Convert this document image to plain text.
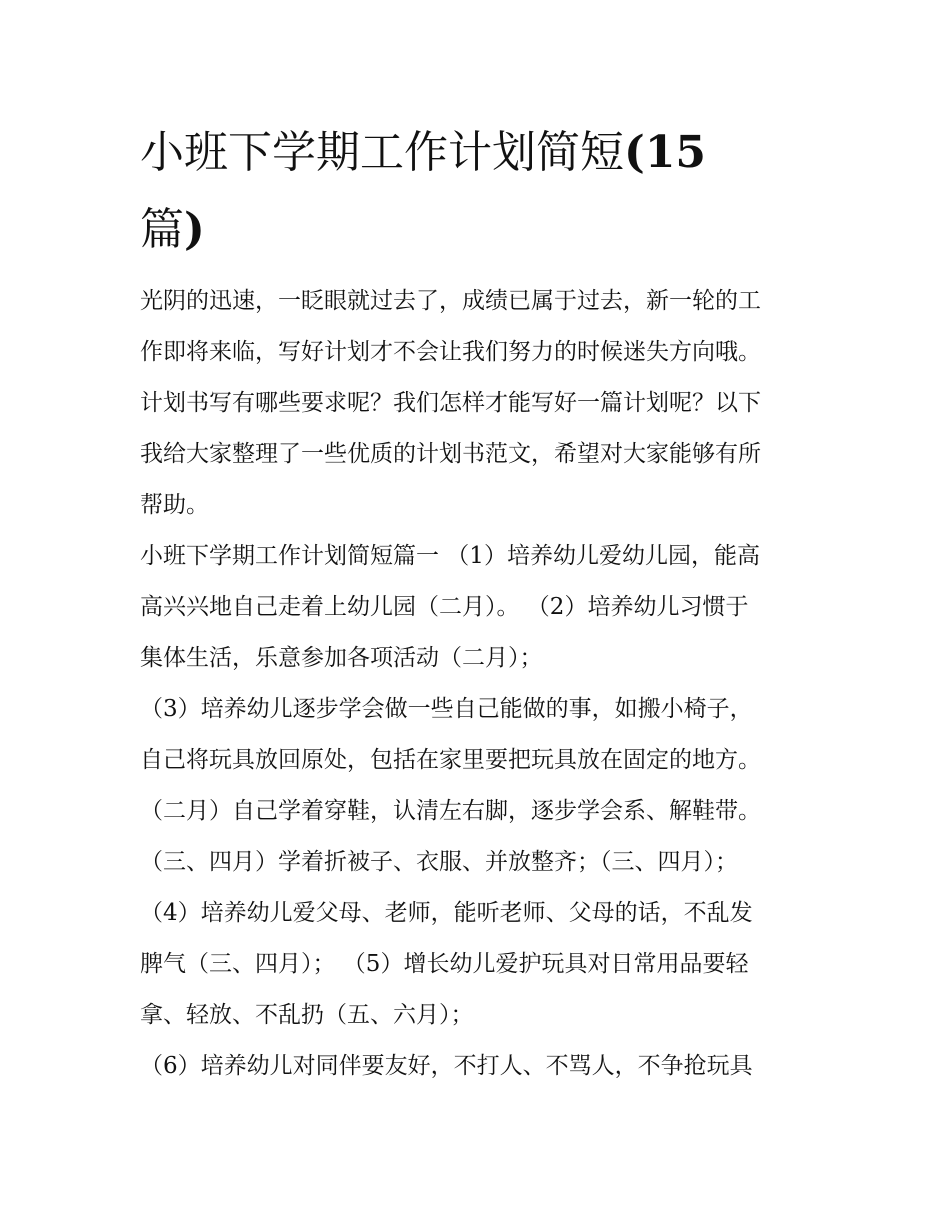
小班下学期工作计划简短(15
篇)
光阴的迅速，一眨眼就过去了，成绩已属于过去，新一轮的工
作即将来临，写好计划才不会让我们努力的时候迷失方向哦。
计划书写有哪些要求呢？我们怎样才能写好一篇计划呢？以下
我给大家整理了一些优质的计划书范文，希望对大家能够有所
帮助。
小班下学期工作计划简短篇一 （1）培养幼儿爱幼儿园，能高
高兴兴地自己走着上幼儿园（二月）。 （2）培养幼儿习惯于
集体生活，乐意参加各项活动（二月）；
（3）培养幼儿逐步学会做一些自己能做的事，如搬小椅子，
自己将玩具放回原处，包括在家里要把玩具放在固定的地方。
（二月）自己学着穿鞋，认清左右脚，逐步学会系、解鞋带。
（三、四月）学着折被子、衣服、并放整齐；（三、四月）；
（4）培养幼儿爱父母、老师，能听老师、父母的话，不乱发
脾气（三、四月）； （5）增长幼儿爱护玩具对日常用品要轻
拿、轻放、不乱扔（五、六月）；
（6）培养幼儿对同伴要友好，不打人、不骂人，不争抢玩具
